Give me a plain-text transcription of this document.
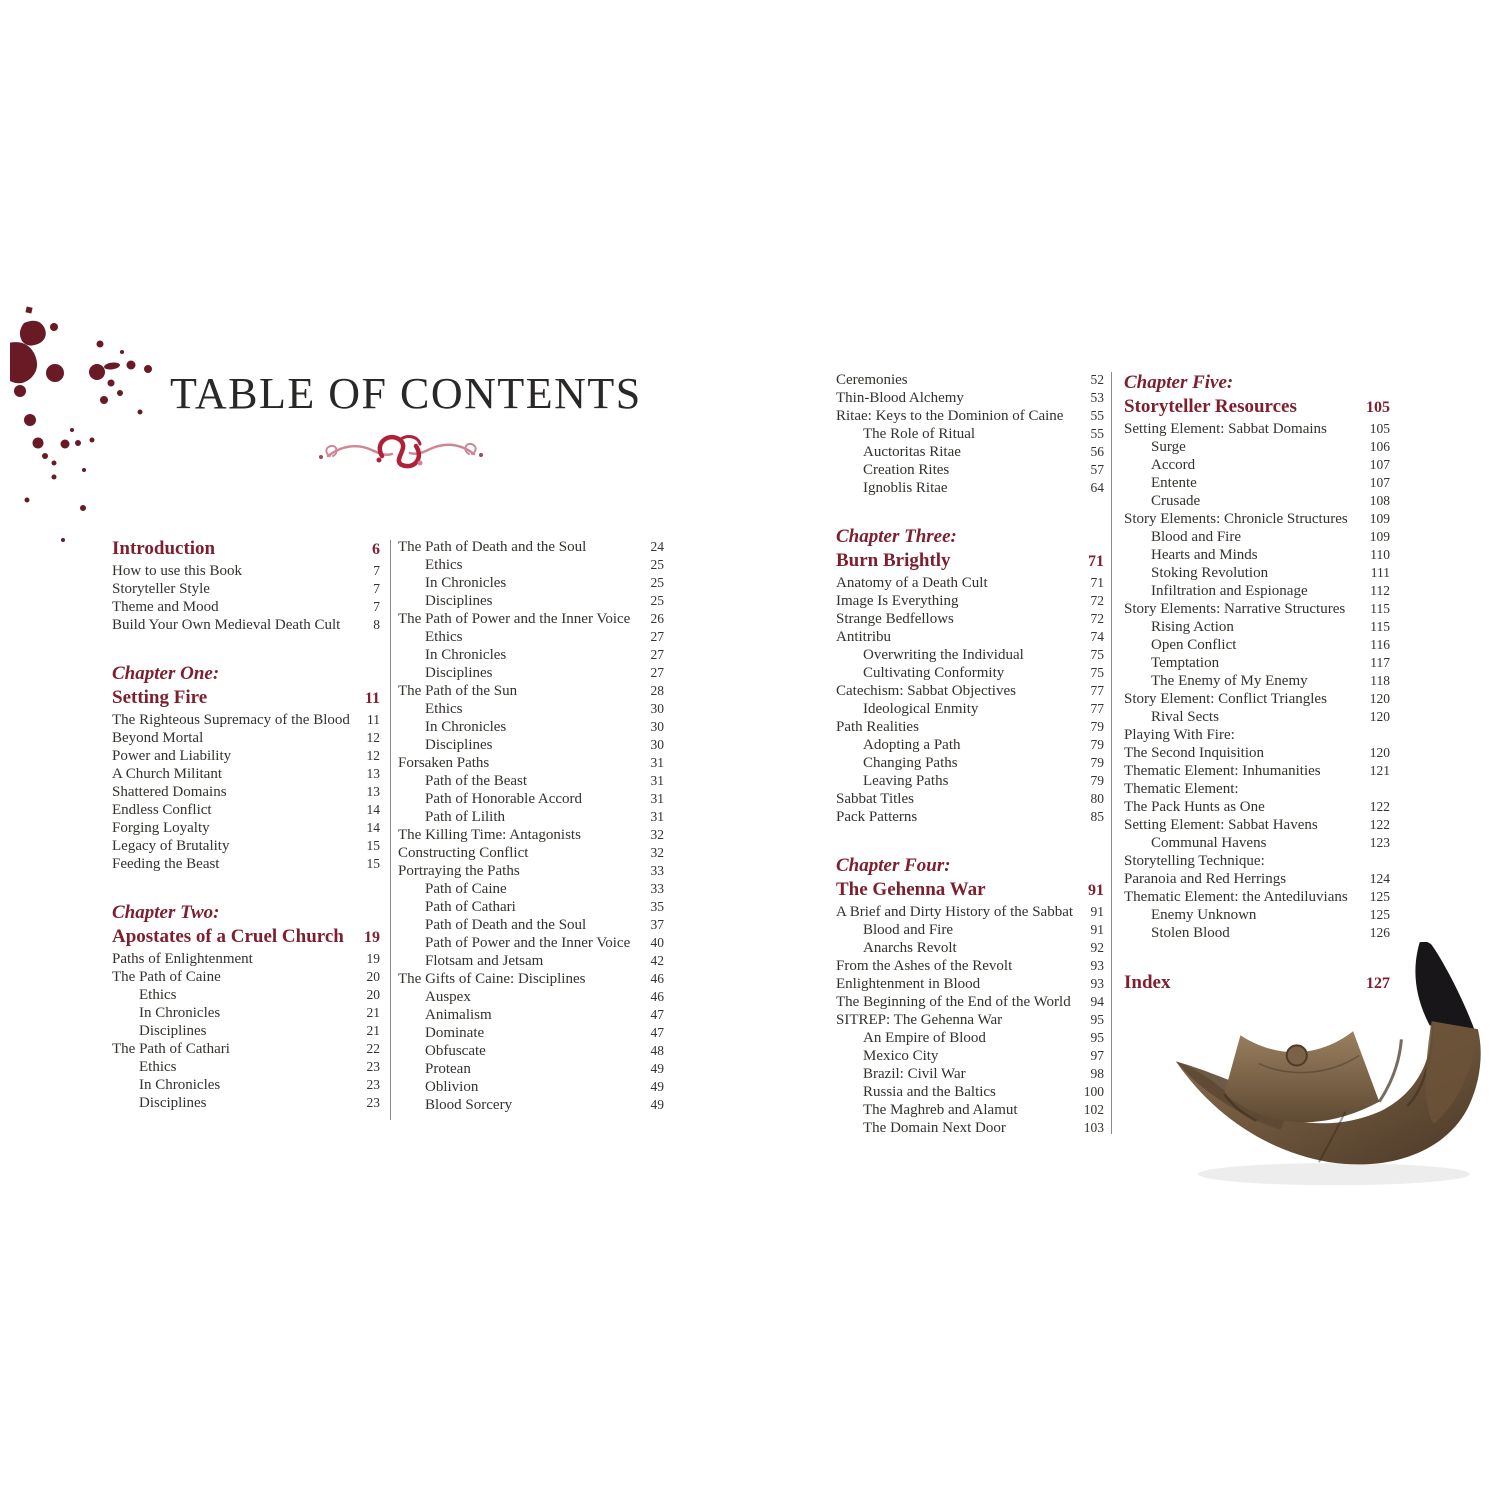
TABLE OF CONTENTS
Introduction	6
How to use this Book	7
Storyteller Style	7
Theme and Mood	7
Build Your Own Medieval Death Cult	8
Chapter One:
Setting Fire	11
The Righteous Supremacy of the Blood	11
Beyond Mortal	12
Power and Liability	12
A Church Militant	13
Shattered Domains	13
Endless Conflict	14
Forging Loyalty	14
Legacy of Brutality	15
Feeding the Beast	15
Chapter Two:
Apostates of a Cruel Church	19
Paths of Enlightenment	19
The Path of Caine	20
Ethics	20
In Chronicles	21
Disciplines	21
The Path of Cathari	22
Ethics	23
In Chronicles	23
Disciplines	23
The Path of Death and the Soul	24
Ethics	25
In Chronicles	25
Disciplines	25
The Path of Power and the Inner Voice	26
Ethics	27
In Chronicles	27
Disciplines	27
The Path of the Sun	28
Ethics	30
In Chronicles	30
Disciplines	30
Forsaken Paths	31
Path of the Beast	31
Path of Honorable Accord	31
Path of Lilith	31
The Killing Time: Antagonists	32
Constructing Conflict	32
Portraying the Paths	33
Path of Caine	33
Path of Cathari	35
Path of Death and the Soul	37
Path of Power and the Inner Voice	40
Flotsam and Jetsam	42
The Gifts of Caine: Disciplines	46
Auspex	46
Animalism	47
Dominate	47
Obfuscate	48
Protean	49
Oblivion	49
Blood Sorcery	49
Ceremonies	52
Thin-Blood Alchemy	53
Ritae: Keys to the Dominion of Caine	55
The Role of Ritual	55
Auctoritas Ritae	56
Creation Rites	57
Ignoblis Ritae	64
Chapter Three:
Burn Brightly	71
Anatomy of a Death Cult	71
Image Is Everything	72
Strange Bedfellows	72
Antitribu	74
Overwriting the Individual	75
Cultivating Conformity	75
Catechism: Sabbat Objectives	77
Ideological Enmity	77
Path Realities	79
Adopting a Path	79
Changing Paths	79
Leaving Paths	79
Sabbat Titles	80
Pack Patterns	85
Chapter Four:
The Gehenna War	91
A Brief and Dirty History of the Sabbat	91
Blood and Fire	91
Anarchs Revolt	92
From the Ashes of the Revolt	93
Enlightenment in Blood	93
The Beginning of the End of the World	94
SITREP: The Gehenna War	95
An Empire of Blood	95
Mexico City	97
Brazil: Civil War	98
Russia and the Baltics	100
The Maghreb and Alamut	102
The Domain Next Door	103
Chapter Five:
Storyteller Resources	105
Setting Element: Sabbat Domains	105
Surge	106
Accord	107
Entente	107
Crusade	108
Story Elements: Chronicle Structures	109
Blood and Fire	109
Hearts and Minds	110
Stoking Revolution	111
Infiltration and Espionage	112
Story Elements: Narrative Structures	115
Rising Action	115
Open Conflict	116
Temptation	117
The Enemy of My Enemy	118
Story Element: Conflict Triangles	120
Rival Sects	120
Playing With Fire:
The Second Inquisition	120
Thematic Element: Inhumanities	121
Thematic Element:
The Pack Hunts as One	122
Setting Element: Sabbat Havens	122
Communal Havens	123
Storytelling Technique:
Paranoia and Red Herrings	124
Thematic Element: the Antediluvians	125
Enemy Unknown	125
Stolen Blood	126
Index	127
